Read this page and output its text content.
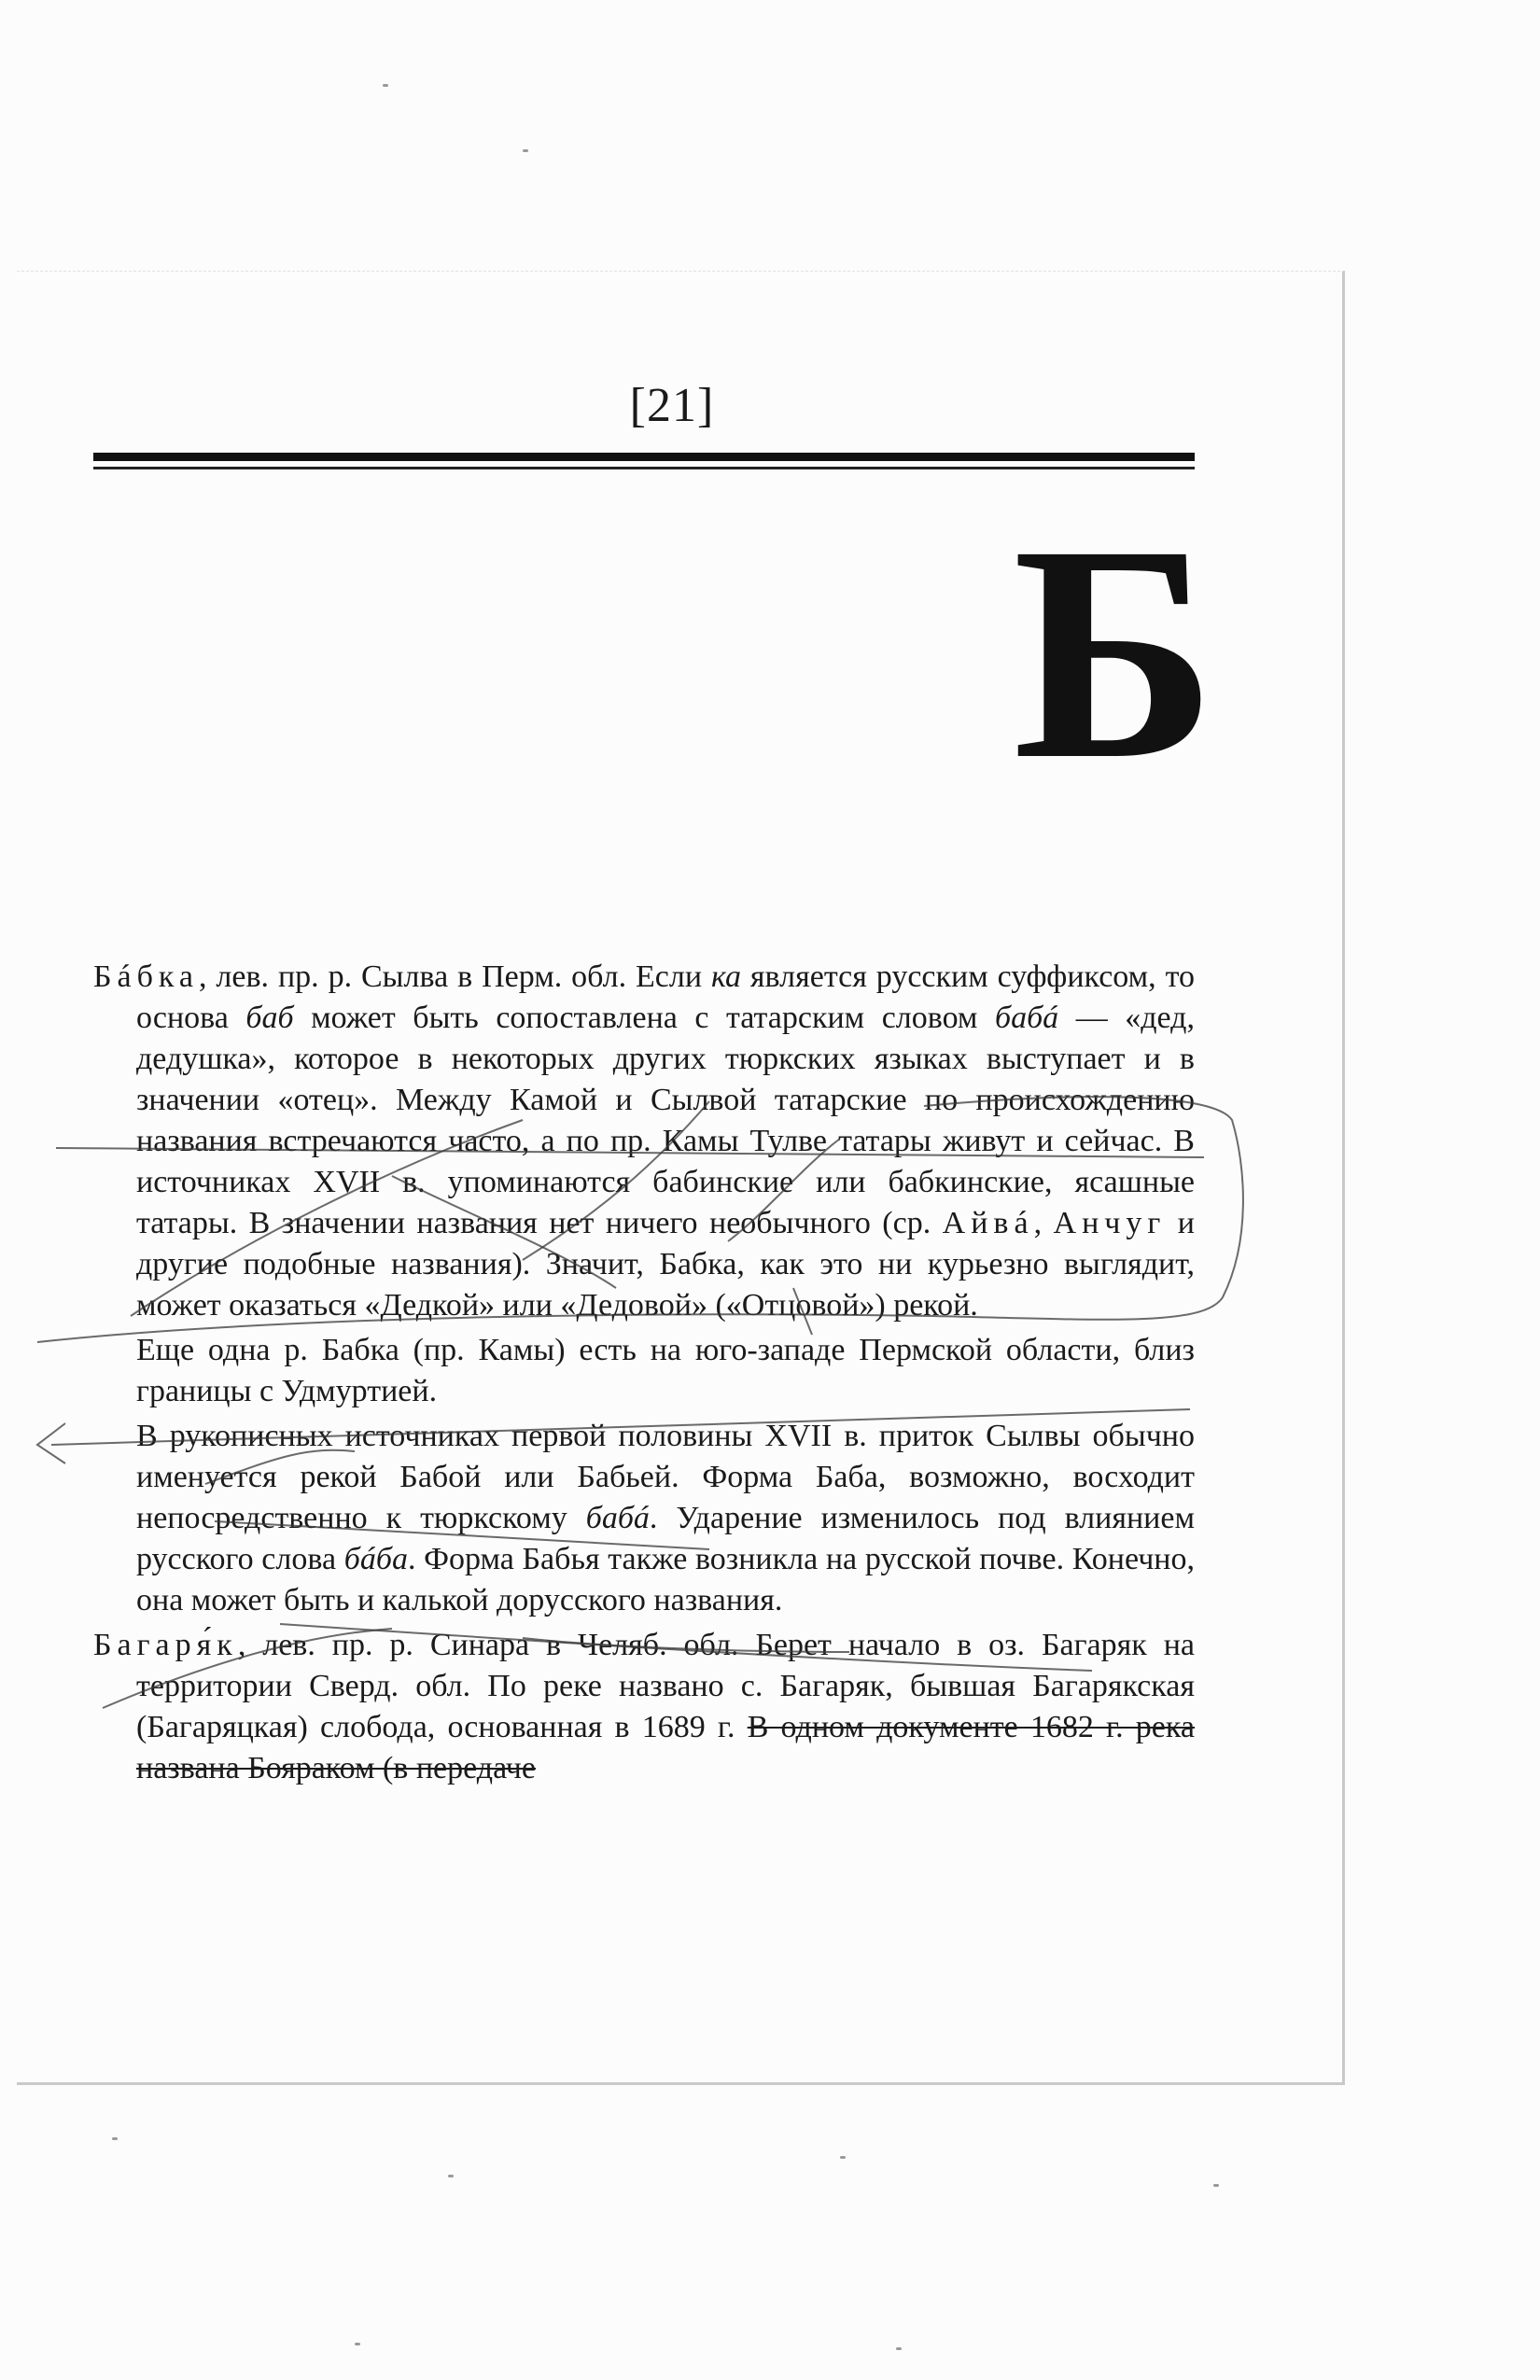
[21]
Б

Бáбка, лев. пр. р. Сылва в Перм. обл. Если ка является русским суффиксом, то основа баб может быть сопоставлена с татарским словом бабá — «дед, дедушка», которое в некоторых других тюркских языках выступает и в значении «отец». Между Камой и Сылвой татарские по происхождению названия встречаются часто, а по пр. Камы Тулве татары живут и сейчас. В источниках XVII в. упоминаются бабинские или бабкинские, ясашные татары. В значении названия нет ничего необычного (ср. Айвá, Анчуг и другие подобные названия). Значит, Бабка, как это ни курьезно выглядит, может оказаться «Дедкой» или «Дедовой» («Отцовой») рекой.

Еще одна р. Бабка (пр. Камы) есть на юго-западе Пермской области, близ границы с Удмуртией.

В рукописных источниках первой половины XVII в. приток Сылвы обычно именуется рекой Бабой или Бабьей. Форма Баба, возможно, восходит непосредственно к тюркскому бабá. Ударение изменилось под влиянием русского слова бáба. Форма Бабья также возникла на русской почве. Конечно, она может быть и калькой дорусского названия.

Багаря́к, лев. пр. р. Синара в Челяб. обл. Берет начало в оз. Багаряк на территории Сверд. обл. По реке названо с. Багаряк, бывшая Багарякская (Багаряцкая) слобода, основанная в 1689 г. В одном документе 1682 г. река названа Бояраком (в передаче
